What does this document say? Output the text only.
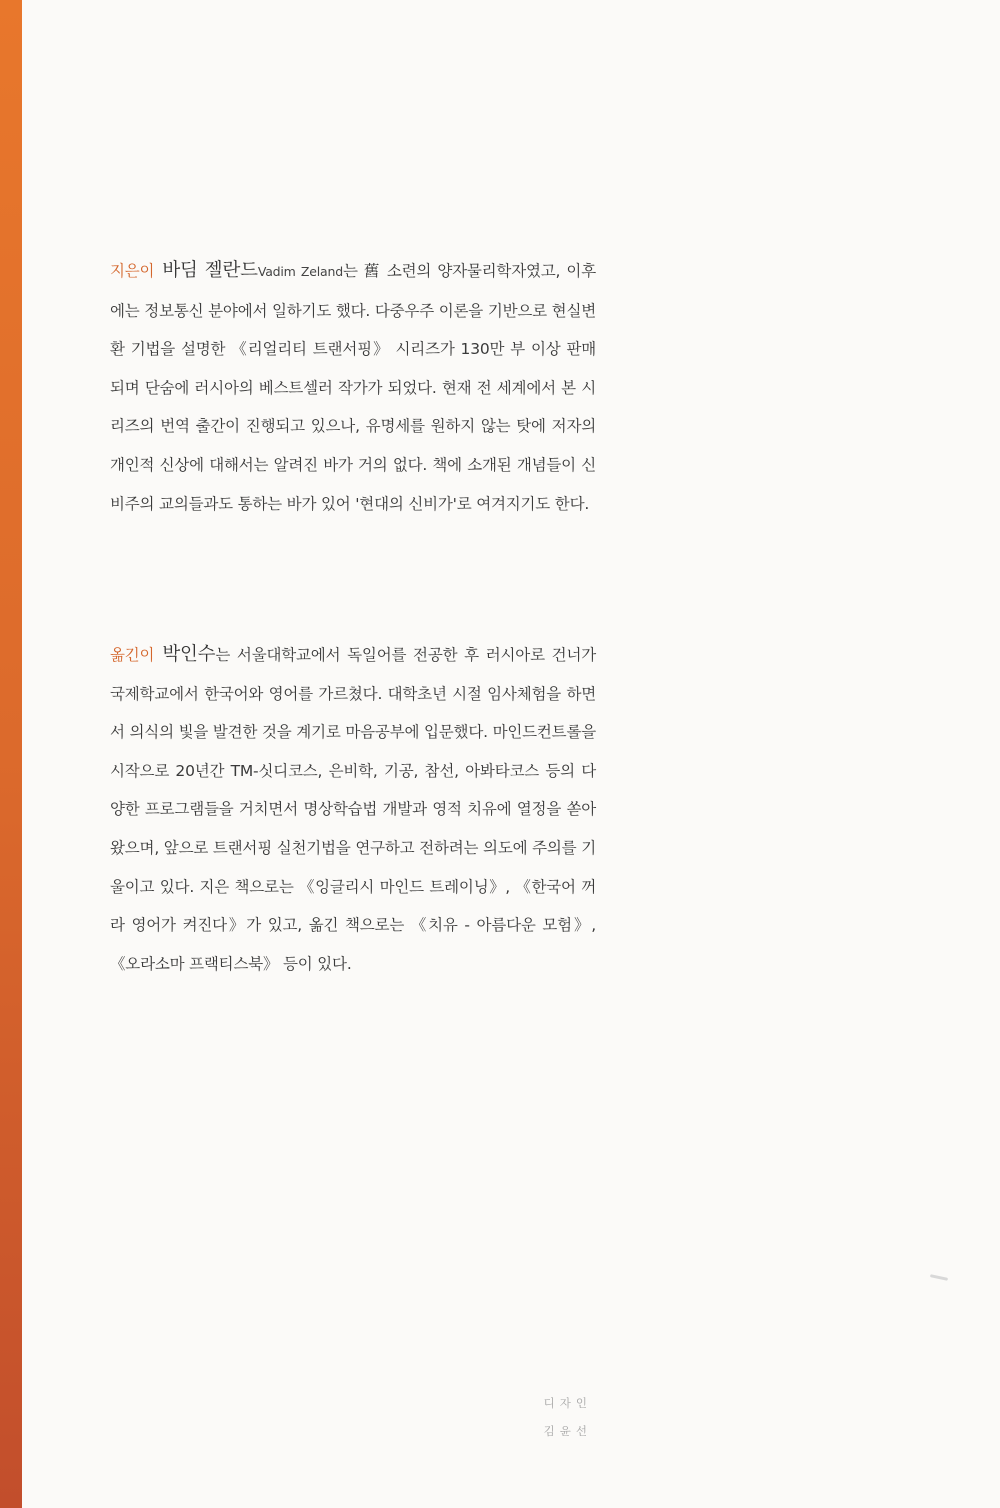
지은이 바딤 젤란드Vadim Zeland는 舊 소련의 양자물리학자였고, 이후에는 정보통신 분야에서 일하기도 했다. 다중우주 이론을 기반으로 현실변환 기법을 설명한 《리얼리티 트랜서핑》 시리즈가 130만 부 이상 판매되며 단숨에 러시아의 베스트셀러 작가가 되었다. 현재 전 세계에서 본 시리즈의 번역 출간이 진행되고 있으나, 유명세를 원하지 않는 탓에 저자의 개인적 신상에 대해서는 알려진 바가 거의 없다. 책에 소개된 개념들이 신비주의 교의들과도 통하는 바가 있어 '현대의 신비가'로 여겨지기도 한다.

옮긴이 박인수는 서울대학교에서 독일어를 전공한 후 러시아로 건너가 국제학교에서 한국어와 영어를 가르쳤다. 대학초년 시절 임사체험을 하면서 의식의 빛을 발견한 것을 계기로 마음공부에 입문했다. 마인드컨트롤을 시작으로 20년간 TM-싯디코스, 은비학, 기공, 참선, 아봐타코스 등의 다양한 프로그램들을 거치면서 명상학습법 개발과 영적 치유에 열정을 쏟아왔으며, 앞으로 트랜서핑 실천기법을 연구하고 전하려는 의도에 주의를 기울이고 있다. 지은 책으로는 《잉글리시 마인드 트레이닝》, 《한국어 꺼라 영어가 켜진다》가 있고, 옮긴 책으로는 《치유 - 아름다운 모험》, 《오라소마 프랙티스북》 등이 있다.

디자인
김윤선
